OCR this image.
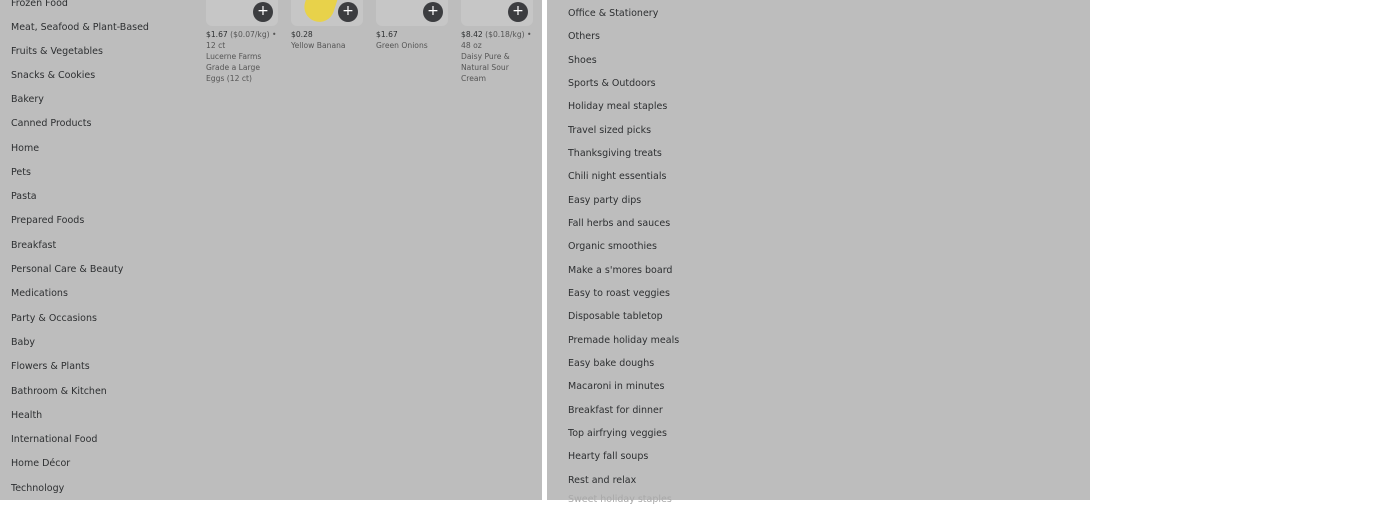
Frozen Food
Meat, Seafood & Plant-Based
Fruits & Vegetables
Snacks & Cookies
Bakery
Canned Products
Home
Pets
Pasta
Prepared Foods
Breakfast
Personal Care & Beauty
Medications
Party & Occasions
Baby
Flowers & Plants
Bathroom & Kitchen
Health
International Food
Home Décor
Technology
+
$1.67 ($0.07/kg) • 12 ct
Lucerne Farms Grade a Large Eggs (12 ct)
+
$0.28
Yellow Banana
+
$1.67
Green Onions
+
$8.42 ($0.18/kg) • 48 oz
Daisy Pure & Natural Sour Cream
Office & Stationery
Others
Shoes
Sports & Outdoors
Holiday meal staples
Travel sized picks
Thanksgiving treats
Chili night essentials
Easy party dips
Fall herbs and sauces
Organic smoothies
Make a s'mores board
Easy to roast veggies
Disposable tabletop
Premade holiday meals
Easy bake doughs
Macaroni in minutes
Breakfast for dinner
Top airfrying veggies
Hearty fall soups
Rest and relax
Sweet holiday staples
